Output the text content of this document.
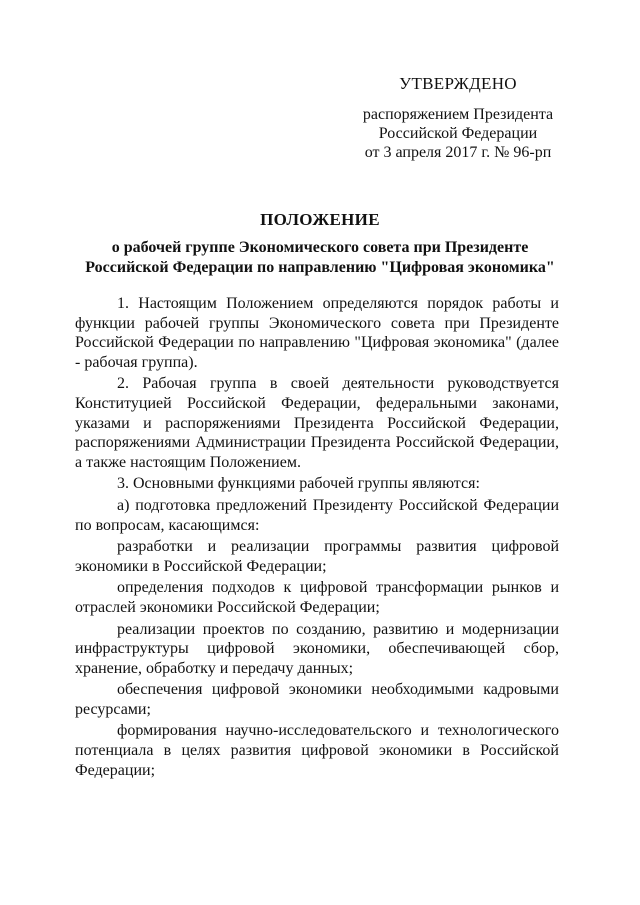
УТВЕРЖДЕНО
распоряжением Президента
Российской Федерации
от 3 апреля 2017 г. № 96-рп
ПОЛОЖЕНИЕ
о рабочей группе Экономического совета при Президенте
Российской Федерации по направлению "Цифровая экономика"

1. Настоящим Положением определяются порядок работы и функции рабочей группы Экономического совета при Президенте Российской Федерации по направлению "Цифровая экономика" (далее - рабочая группа).

2. Рабочая группа в своей деятельности руководствуется Конституцией Российской Федерации, федеральными законами, указами и распоряжениями Президента Российской Федерации, распоряжениями Администрации Президента Российской Федерации, а также настоящим Положением.

3. Основными функциями рабочей группы являются:

а) подготовка предложений Президенту Российской Федерации по вопросам, касающимся:

разработки и реализации программы развития цифровой экономики в Российской Федерации;

определения подходов к цифровой трансформации рынков и отраслей экономики Российской Федерации;

реализации проектов по созданию, развитию и модернизации инфраструктуры цифровой экономики, обеспечивающей сбор, хранение, обработку и передачу данных;

обеспечения цифровой экономики необходимыми кадровыми ресурсами;

формирования научно-исследовательского и технологического потенциала в целях развития цифровой экономики в Российской Федерации;
